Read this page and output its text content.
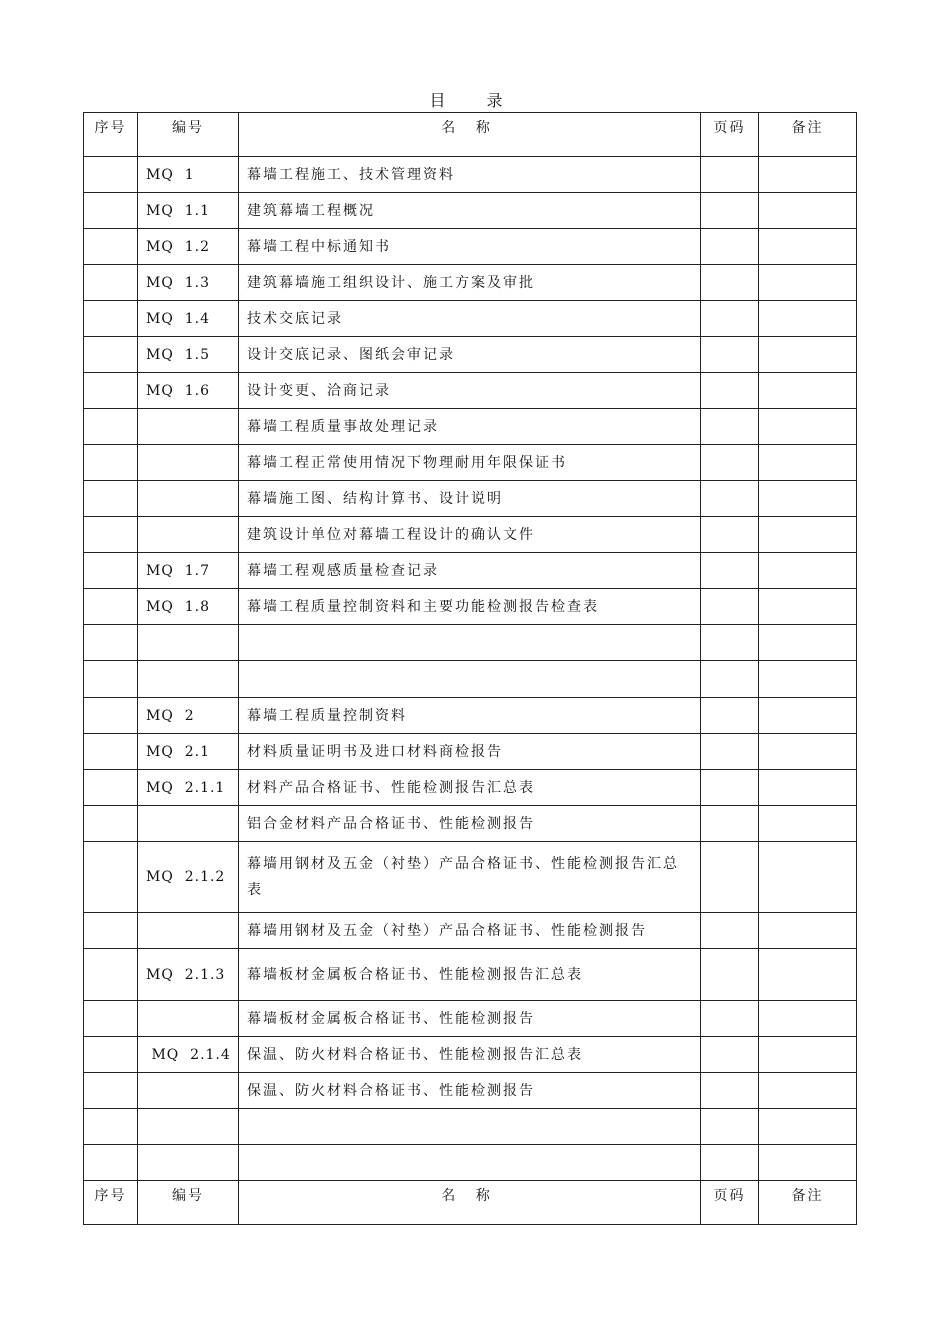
目 录
序号	编号	名 称	页码	备注
	MQ  1	幕墙工程施工、技术管理资料		
	MQ  1.1	建筑幕墙工程概况		
	MQ  1.2	幕墙工程中标通知书		
	MQ  1.3	建筑幕墙施工组织设计、施工方案及审批		
	MQ  1.4	技术交底记录		
	MQ  1.5	设计交底记录、图纸会审记录		
	MQ  1.6	设计变更、洽商记录		
		幕墙工程质量事故处理记录		
		幕墙工程正常使用情况下物理耐用年限保证书		
		幕墙施工图、结构计算书、设计说明		
		建筑设计单位对幕墙工程设计的确认文件		
	MQ  1.7	幕墙工程观感质量检查记录		
	MQ  1.8	幕墙工程质量控制资料和主要功能检测报告检查表		

	MQ  2	幕墙工程质量控制资料		
	MQ  2.1	材料质量证明书及进口材料商检报告		
	MQ  2.1.1	材料产品合格证书、性能检测报告汇总表		
		铝合金材料产品合格证书、性能检测报告		
	MQ  2.1.2	幕墙用钢材及五金（衬垫）产品合格证书、性能检测报告汇总表		
		幕墙用钢材及五金（衬垫）产品合格证书、性能检测报告		
	MQ  2.1.3	幕墙板材金属板合格证书、性能检测报告汇总表		
		幕墙板材金属板合格证书、性能检测报告		
	MQ  2.1.4	保温、防火材料合格证书、性能检测报告汇总表		
		保温、防火材料合格证书、性能检测报告		

序号	编号	名 称	页码	备注
